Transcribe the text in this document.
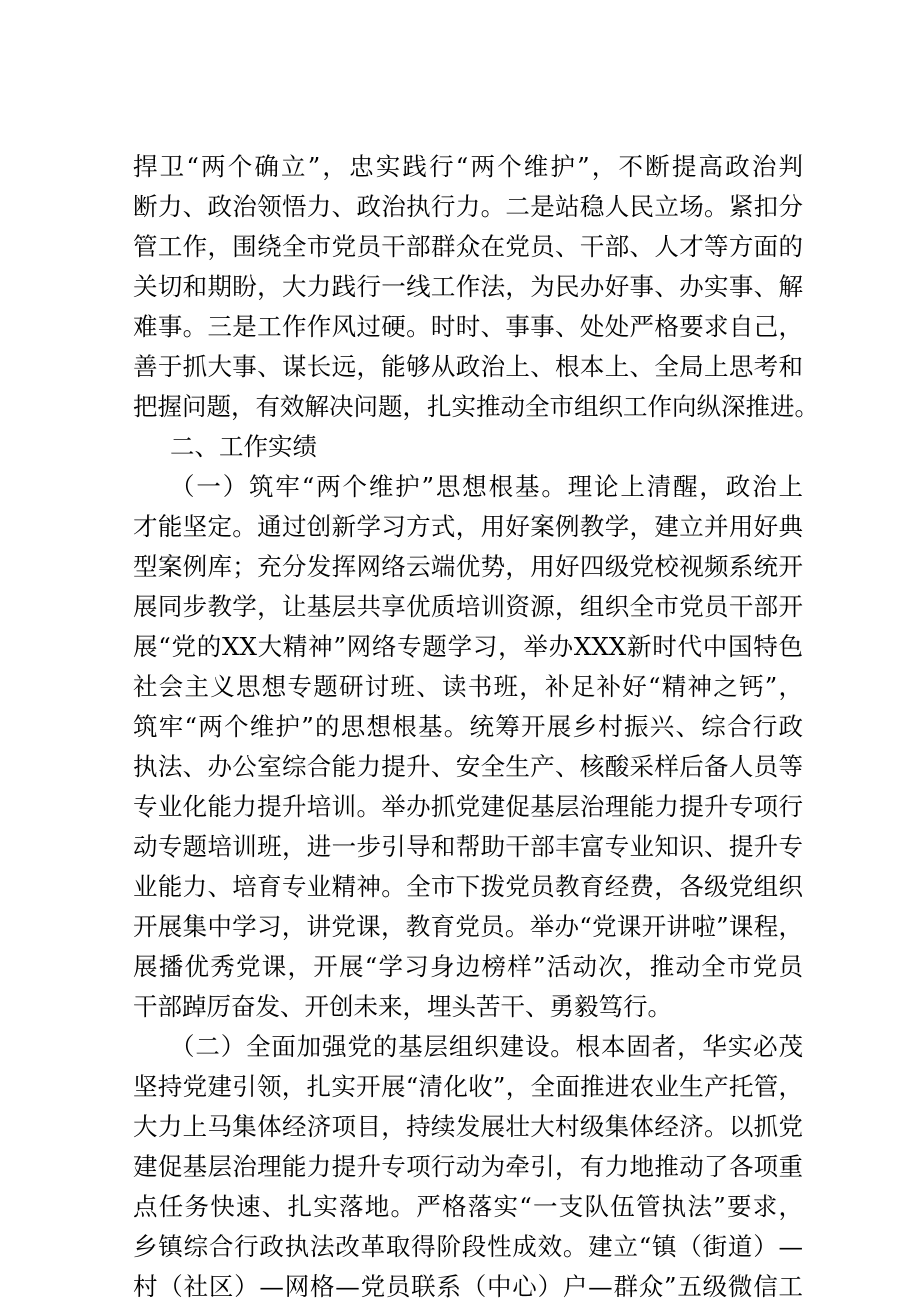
捍卫“两个确立”，忠实践行“两个维护”，不断提高政治判
断力、政治领悟力、政治执行力。二是站稳人民立场。紧扣分
管工作，围绕全市党员干部群众在党员、干部、人才等方面的
关切和期盼，大力践行一线工作法，为民办好事、办实事、解
难事。三是工作作风过硬。时时、事事、处处严格要求自己，
善于抓大事、谋长远，能够从政治上、根本上、全局上思考和
把握问题，有效解决问题，扎实推动全市组织工作向纵深推进。
二、工作实绩
（一）筑牢“两个维护”思想根基。理论上清醒，政治上
才能坚定。通过创新学习方式，用好案例教学，建立并用好典
型案例库；充分发挥网络云端优势，用好四级党校视频系统开
展同步教学，让基层共享优质培训资源，组织全市党员干部开
展“党的XX大精神”网络专题学习，举办XXX新时代中国特色
社会主义思想专题研讨班、读书班，补足补好“精神之钙”，
筑牢“两个维护”的思想根基。统筹开展乡村振兴、综合行政
执法、办公室综合能力提升、安全生产、核酸采样后备人员等
专业化能力提升培训。举办抓党建促基层治理能力提升专项行
动专题培训班，进一步引导和帮助干部丰富专业知识、提升专
业能力、培育专业精神。全市下拨党员教育经费，各级党组织
开展集中学习，讲党课，教育党员。举办“党课开讲啦”课程，
展播优秀党课，开展“学习身边榜样”活动次，推动全市党员
干部踔厉奋发、开创未来，埋头苦干、勇毅笃行。
（二）全面加强党的基层组织建设。根本固者，华实必茂
坚持党建引领，扎实开展“清化收”，全面推进农业生产托管，
大力上马集体经济项目，持续发展壮大村级集体经济。以抓党
建促基层治理能力提升专项行动为牵引，有力地推动了各项重
点任务快速、扎实落地。严格落实“一支队伍管执法”要求，
乡镇综合行政执法改革取得阶段性成效。建立“镇（街道）—
村（社区）—网格—党员联系（中心）户—群众”五级微信工
